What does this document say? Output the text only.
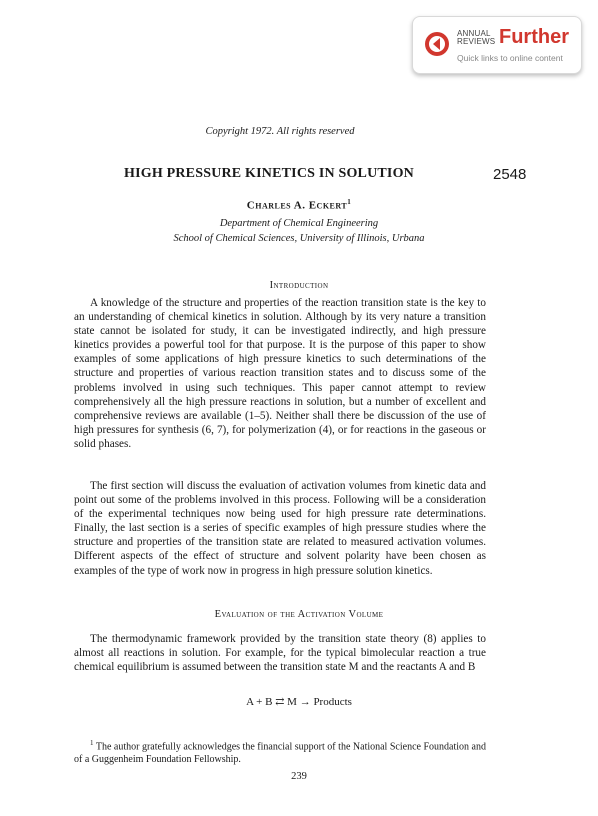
ANNUAL
REVIEWS Further
Quick links to online content
Copyright 1972. All rights reserved
HIGH PRESSURE KINETICS IN SOLUTION	2548
Charles A. Eckert$^1$
Department of Chemical Engineering
School of Chemical Sciences, University of Illinois, Urbana
Introduction

A knowledge of the structure and properties of the reaction transition state is the key to an understanding of chemical kinetics in solution. Although by its very nature a transition state cannot be isolated for study, it can be investigated indirectly, and high pressure kinetics provides a powerful tool for that purpose. It is the purpose of this paper to show examples of some applications of high pressure kinetics to such determinations of the structure and properties of various reaction transition states and to discuss some of the problems involved in using such techniques. This paper cannot attempt to review comprehensively all the high pressure reactions in solution, but a number of excellent and comprehensive reviews are available (1–5). Neither shall there be discussion of the use of high pressures for synthesis (6, 7), for polymerization (4), or for reactions in the gaseous or solid phases.

The first section will discuss the evaluation of activation volumes from kinetic data and point out some of the problems involved in this process. Following will be a consideration of the experimental techniques now being used for high pressure rate determinations. Finally, the last section is a series of specific examples of high pressure studies where the structure and properties of the transition state are related to measured activation volumes. Different aspects of the effect of structure and solvent polarity have been chosen as examples of the type of work now in progress in high pressure solution kinetics.

Evaluation of the Activation Volume

The thermodynamic framework provided by the transition state theory (8) applies to almost all reactions in solution. For example, for the typical bimolecular reaction a true chemical equilibrium is assumed between the transition state M and the reactants A and B

A + B ⇄ M → Products

$^1$ The author gratefully acknowledges the financial support of the National Science Foundation and of a Guggenheim Foundation Fellowship.

239
